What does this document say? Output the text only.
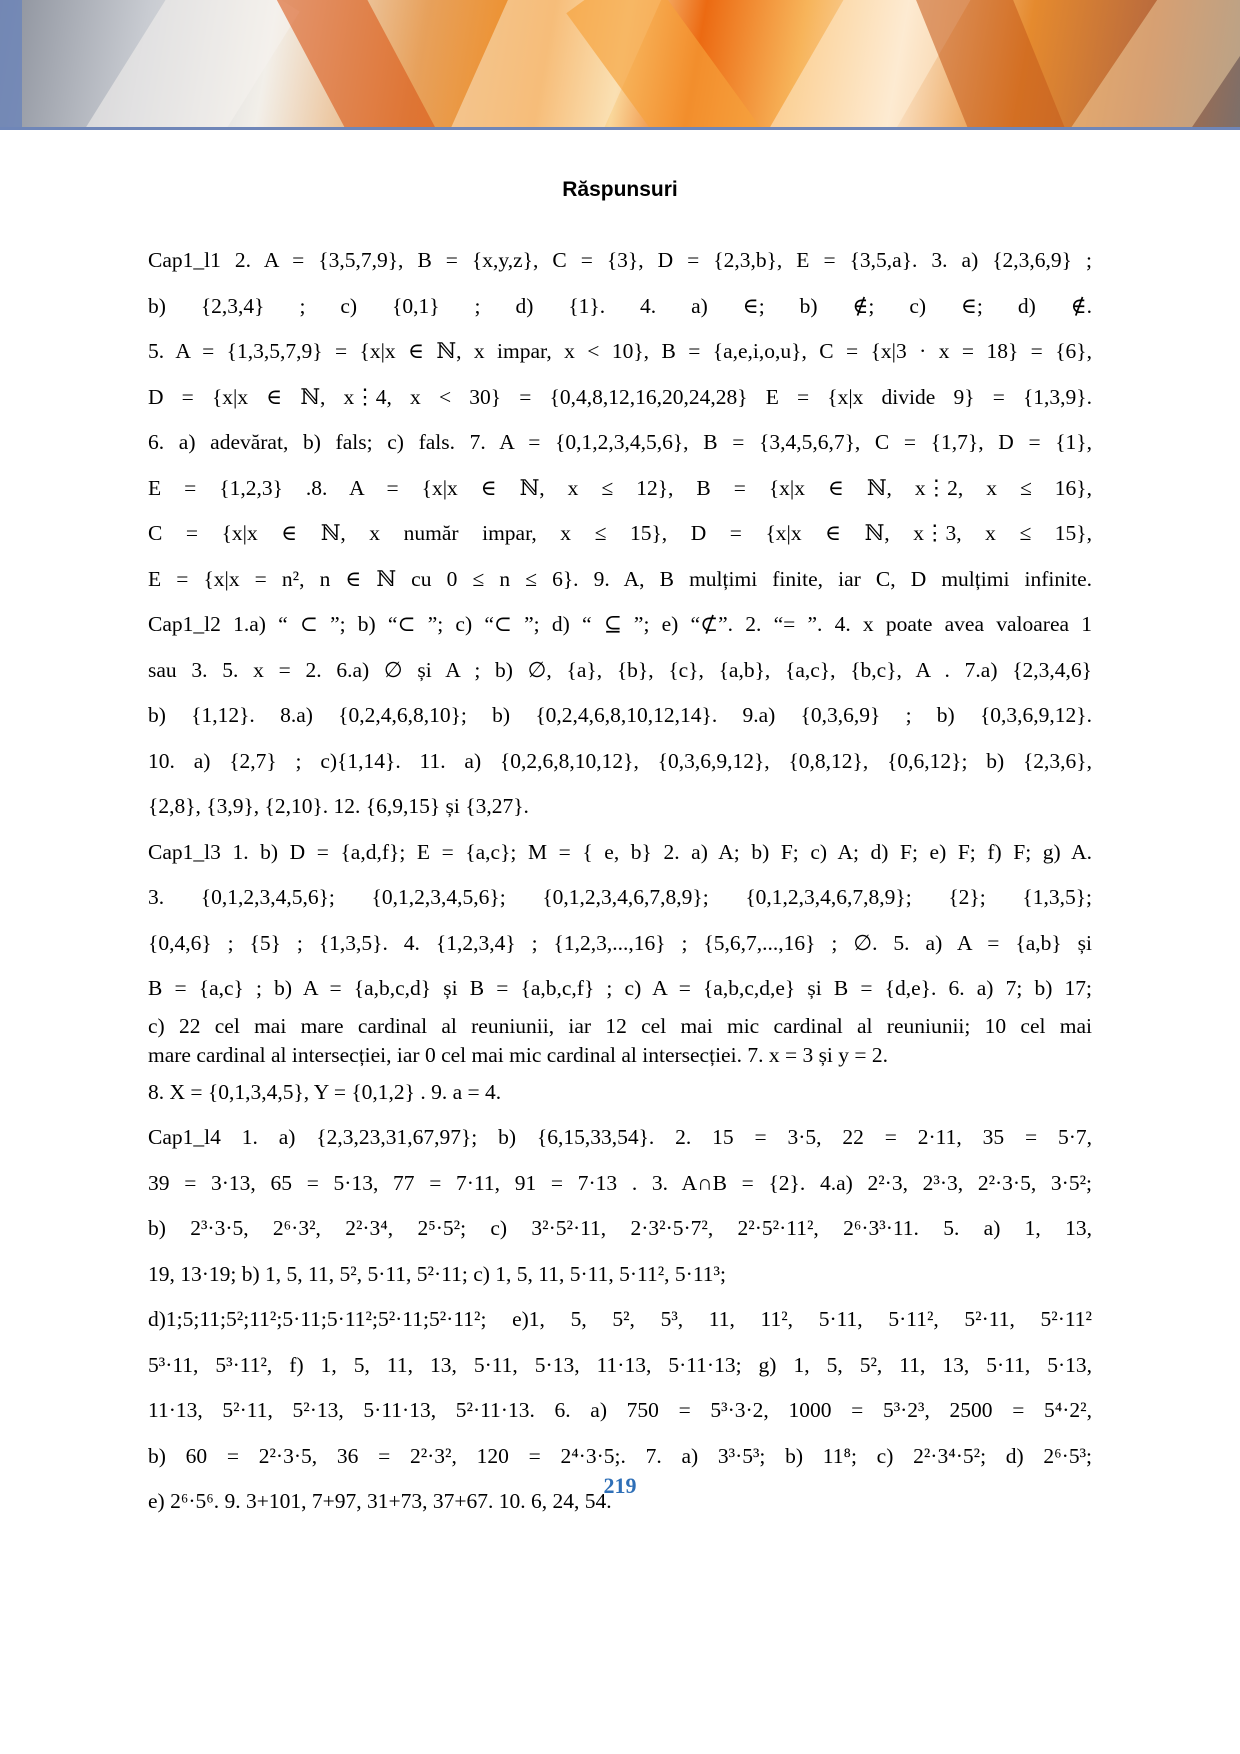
Răspunsuri
Cap1_l1 2. A = {3,5,7,9}, B = {x,y,z}, C = {3}, D = {2,3,b}, E = {3,5,a}. 3. a) {2,3,6,9} ;
b) {2,3,4} ; c) {0,1} ; d) {1}. 4. a) ∈; b) ∉; c) ∈; d) ∉.
5. A = {1,3,5,7,9} = {x|x ∈ ℕ, x impar, x < 10}, B = {a,e,i,o,u}, C = {x|3 · x = 18} = {6},
D = {x|x ∈ ℕ, x⋮4, x < 30} = {0,4,8,12,16,20,24,28} E = {x|x divide 9} = {1,3,9}.
6. a) adevărat, b) fals; c) fals. 7. A = {0,1,2,3,4,5,6}, B = {3,4,5,6,7}, C = {1,7}, D = {1},
E = {1,2,3} .8. A = {x|x ∈ ℕ, x ≤ 12}, B = {x|x ∈ ℕ, x⋮2, x ≤ 16},
C = {x|x ∈ ℕ, x număr impar, x ≤ 15}, D = {x|x ∈ ℕ, x⋮3, x ≤ 15},
E = {x|x = n², n ∈ ℕ cu 0 ≤ n ≤ 6}. 9. A, B mulțimi finite, iar C, D mulțimi infinite.
Cap1_l2 1.a) “ ⊂ ”; b) “⊂ ”; c) “⊂ ”; d) “ ⊆ ”; e) “⊄”. 2. “= ”. 4. x poate avea valoarea 1
sau 3. 5. x = 2. 6.a) ∅ și A ; b) ∅, {a}, {b}, {c}, {a,b}, {a,c}, {b,c}, A . 7.a) {2,3,4,6}
b) {1,12}. 8.a) {0,2,4,6,8,10}; b) {0,2,4,6,8,10,12,14}. 9.a) {0,3,6,9} ; b) {0,3,6,9,12}.
10. a) {2,7} ; c){1,14}. 11. a) {0,2,6,8,10,12}, {0,3,6,9,12}, {0,8,12}, {0,6,12}; b) {2,3,6},
{2,8}, {3,9}, {2,10}. 12. {6,9,15} și {3,27}.
Cap1_l3 1. b) D = {a,d,f}; E = {a,c}; M = { e, b} 2. a) A; b) F; c) A; d) F; e) F; f) F; g) A.
3. {0,1,2,3,4,5,6}; {0,1,2,3,4,5,6}; {0,1,2,3,4,6,7,8,9}; {0,1,2,3,4,6,7,8,9}; {2}; {1,3,5};
{0,4,6} ; {5} ; {1,3,5}. 4. {1,2,3,4} ; {1,2,3,...,16} ; {5,6,7,...,16} ; ∅. 5. a) A = {a,b} și
B = {a,c} ; b) A = {a,b,c,d} și B = {a,b,c,f} ; c) A = {a,b,c,d,e} și B = {d,e}. 6. a) 7; b) 17;
c) 22 cel mai mare cardinal al reuniunii, iar 12 cel mai mic cardinal al reuniunii; 10 cel mai
mare cardinal al intersecției, iar 0 cel mai mic cardinal al intersecției. 7. x = 3 și y = 2.
8. X = {0,1,3,4,5}, Y = {0,1,2} . 9. a = 4.
Cap1_l4 1. a) {2,3,23,31,67,97}; b) {6,15,33,54}. 2. 15 = 3·5, 22 = 2·11, 35 = 5·7,
39 = 3·13, 65 = 5·13, 77 = 7·11, 91 = 7·13 . 3. A∩B = {2}. 4.a) 2²·3, 2³·3, 2²·3·5, 3·5²;
b) 2³·3·5, 2⁶·3², 2²·3⁴, 2⁵·5²; c) 3²·5²·11, 2·3²·5·7², 2²·5²·11², 2⁶·3³·11. 5. a) 1, 13,
19, 13·19; b) 1, 5, 11, 5², 5·11, 5²·11; c) 1, 5, 11, 5·11, 5·11², 5·11³;
d)1;5;11;5²;11²;5·11;5·11²;5²·11;5²·11²; e)1, 5, 5², 5³, 11, 11², 5·11, 5·11², 5²·11, 5²·11²
5³·11, 5³·11², f) 1, 5, 11, 13, 5·11, 5·13, 11·13, 5·11·13; g) 1, 5, 5², 11, 13, 5·11, 5·13,
11·13, 5²·11, 5²·13, 5·11·13, 5²·11·13. 6. a) 750 = 5³·3·2, 1000 = 5³·2³, 2500 = 5⁴·2²,
b) 60 = 2²·3·5, 36 = 2²·3², 120 = 2⁴·3·5;. 7. a) 3³·5³; b) 11⁸; c) 2²·3⁴·5²; d) 2⁶·5³;
e) 2⁶·5⁶. 9. 3+101, 7+97, 31+73, 37+67. 10. 6, 24, 54.
219
